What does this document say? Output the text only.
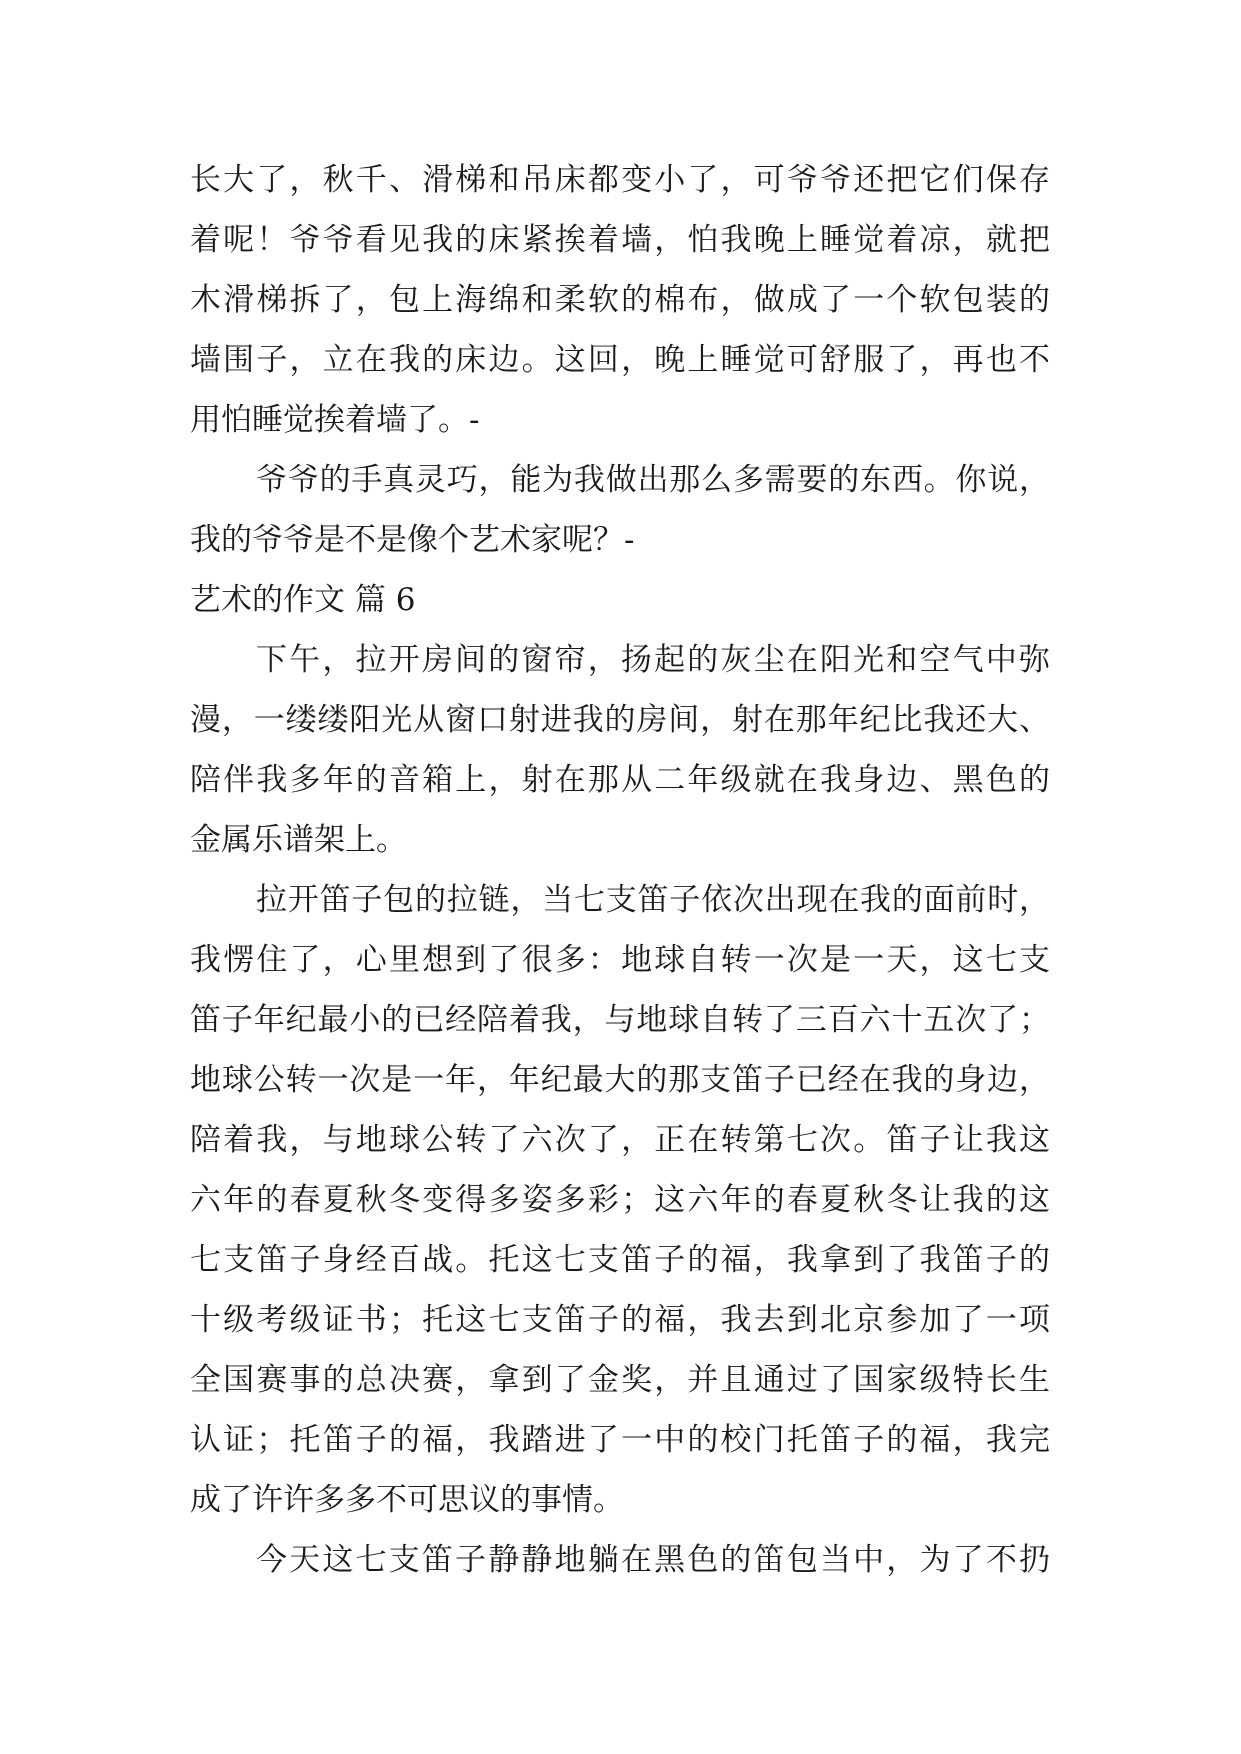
长大了，秋千、滑梯和吊床都变小了，可爷爷还把它们保存
着呢！爷爷看见我的床紧挨着墙，怕我晚上睡觉着凉，就把
木滑梯拆了，包上海绵和柔软的棉布，做成了一个软包装的
墙围子，立在我的床边。这回，晚上睡觉可舒服了，再也不
用怕睡觉挨着墙了。-
爷爷的手真灵巧，能为我做出那么多需要的东西。你说，
我的爷爷是不是像个艺术家呢？-
艺术的作文 篇 6
下午，拉开房间的窗帘，扬起的灰尘在阳光和空气中弥
漫，一缕缕阳光从窗口射进我的房间，射在那年纪比我还大、
陪伴我多年的音箱上，射在那从二年级就在我身边、黑色的
金属乐谱架上。
拉开笛子包的拉链，当七支笛子依次出现在我的面前时，
我愣住了，心里想到了很多：地球自转一次是一天，这七支
笛子年纪最小的已经陪着我，与地球自转了三百六十五次了；
地球公转一次是一年，年纪最大的那支笛子已经在我的身边，
陪着我，与地球公转了六次了，正在转第七次。笛子让我这
六年的春夏秋冬变得多姿多彩；这六年的春夏秋冬让我的这
七支笛子身经百战。托这七支笛子的福，我拿到了我笛子的
十级考级证书；托这七支笛子的福，我去到北京参加了一项
全国赛事的总决赛，拿到了金奖，并且通过了国家级特长生
认证；托笛子的福，我踏进了一中的校门托笛子的福，我完
成了许许多多不可思议的事情。
今天这七支笛子静静地躺在黑色的笛包当中，为了不扔
